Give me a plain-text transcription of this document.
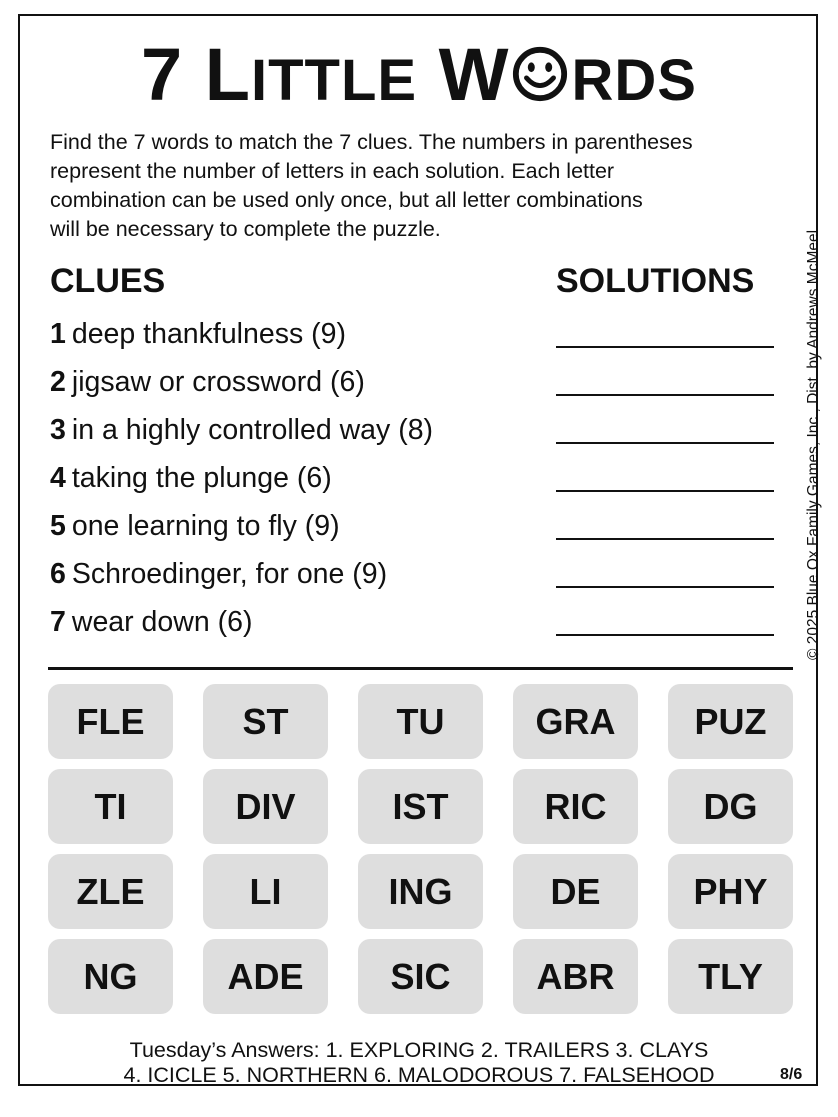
7 LITTLE W RDS
Find the 7 words to match the 7 clues. The numbers in parentheses
represent the number of letters in each solution. Each letter
combination can be used only once, but all letter combinations
will be necessary to complete the puzzle.
© 2025 Blue Ox Family Games, Inc., Dist. by Andrews McMeel
CLUES	SOLUTIONS
1 deep thankfulness (9)
2 jigsaw or crossword (6)
3 in a highly controlled way (8)
4 taking the plunge (6)
5 one learning to fly (9)
6 Schroedinger, for one (9)
7 wear down (6)
FLE	ST	TU	GRA	PUZ
TI	DIV	IST	RIC	DG
ZLE	LI	ING	DE	PHY
NG	ADE	SIC	ABR	TLY
Tuesday’s Answers: 1. EXPLORING 2. TRAILERS 3. CLAYS
4. ICICLE 5. NORTHERN 6. MALODOROUS 7. FALSEHOOD	8/6
